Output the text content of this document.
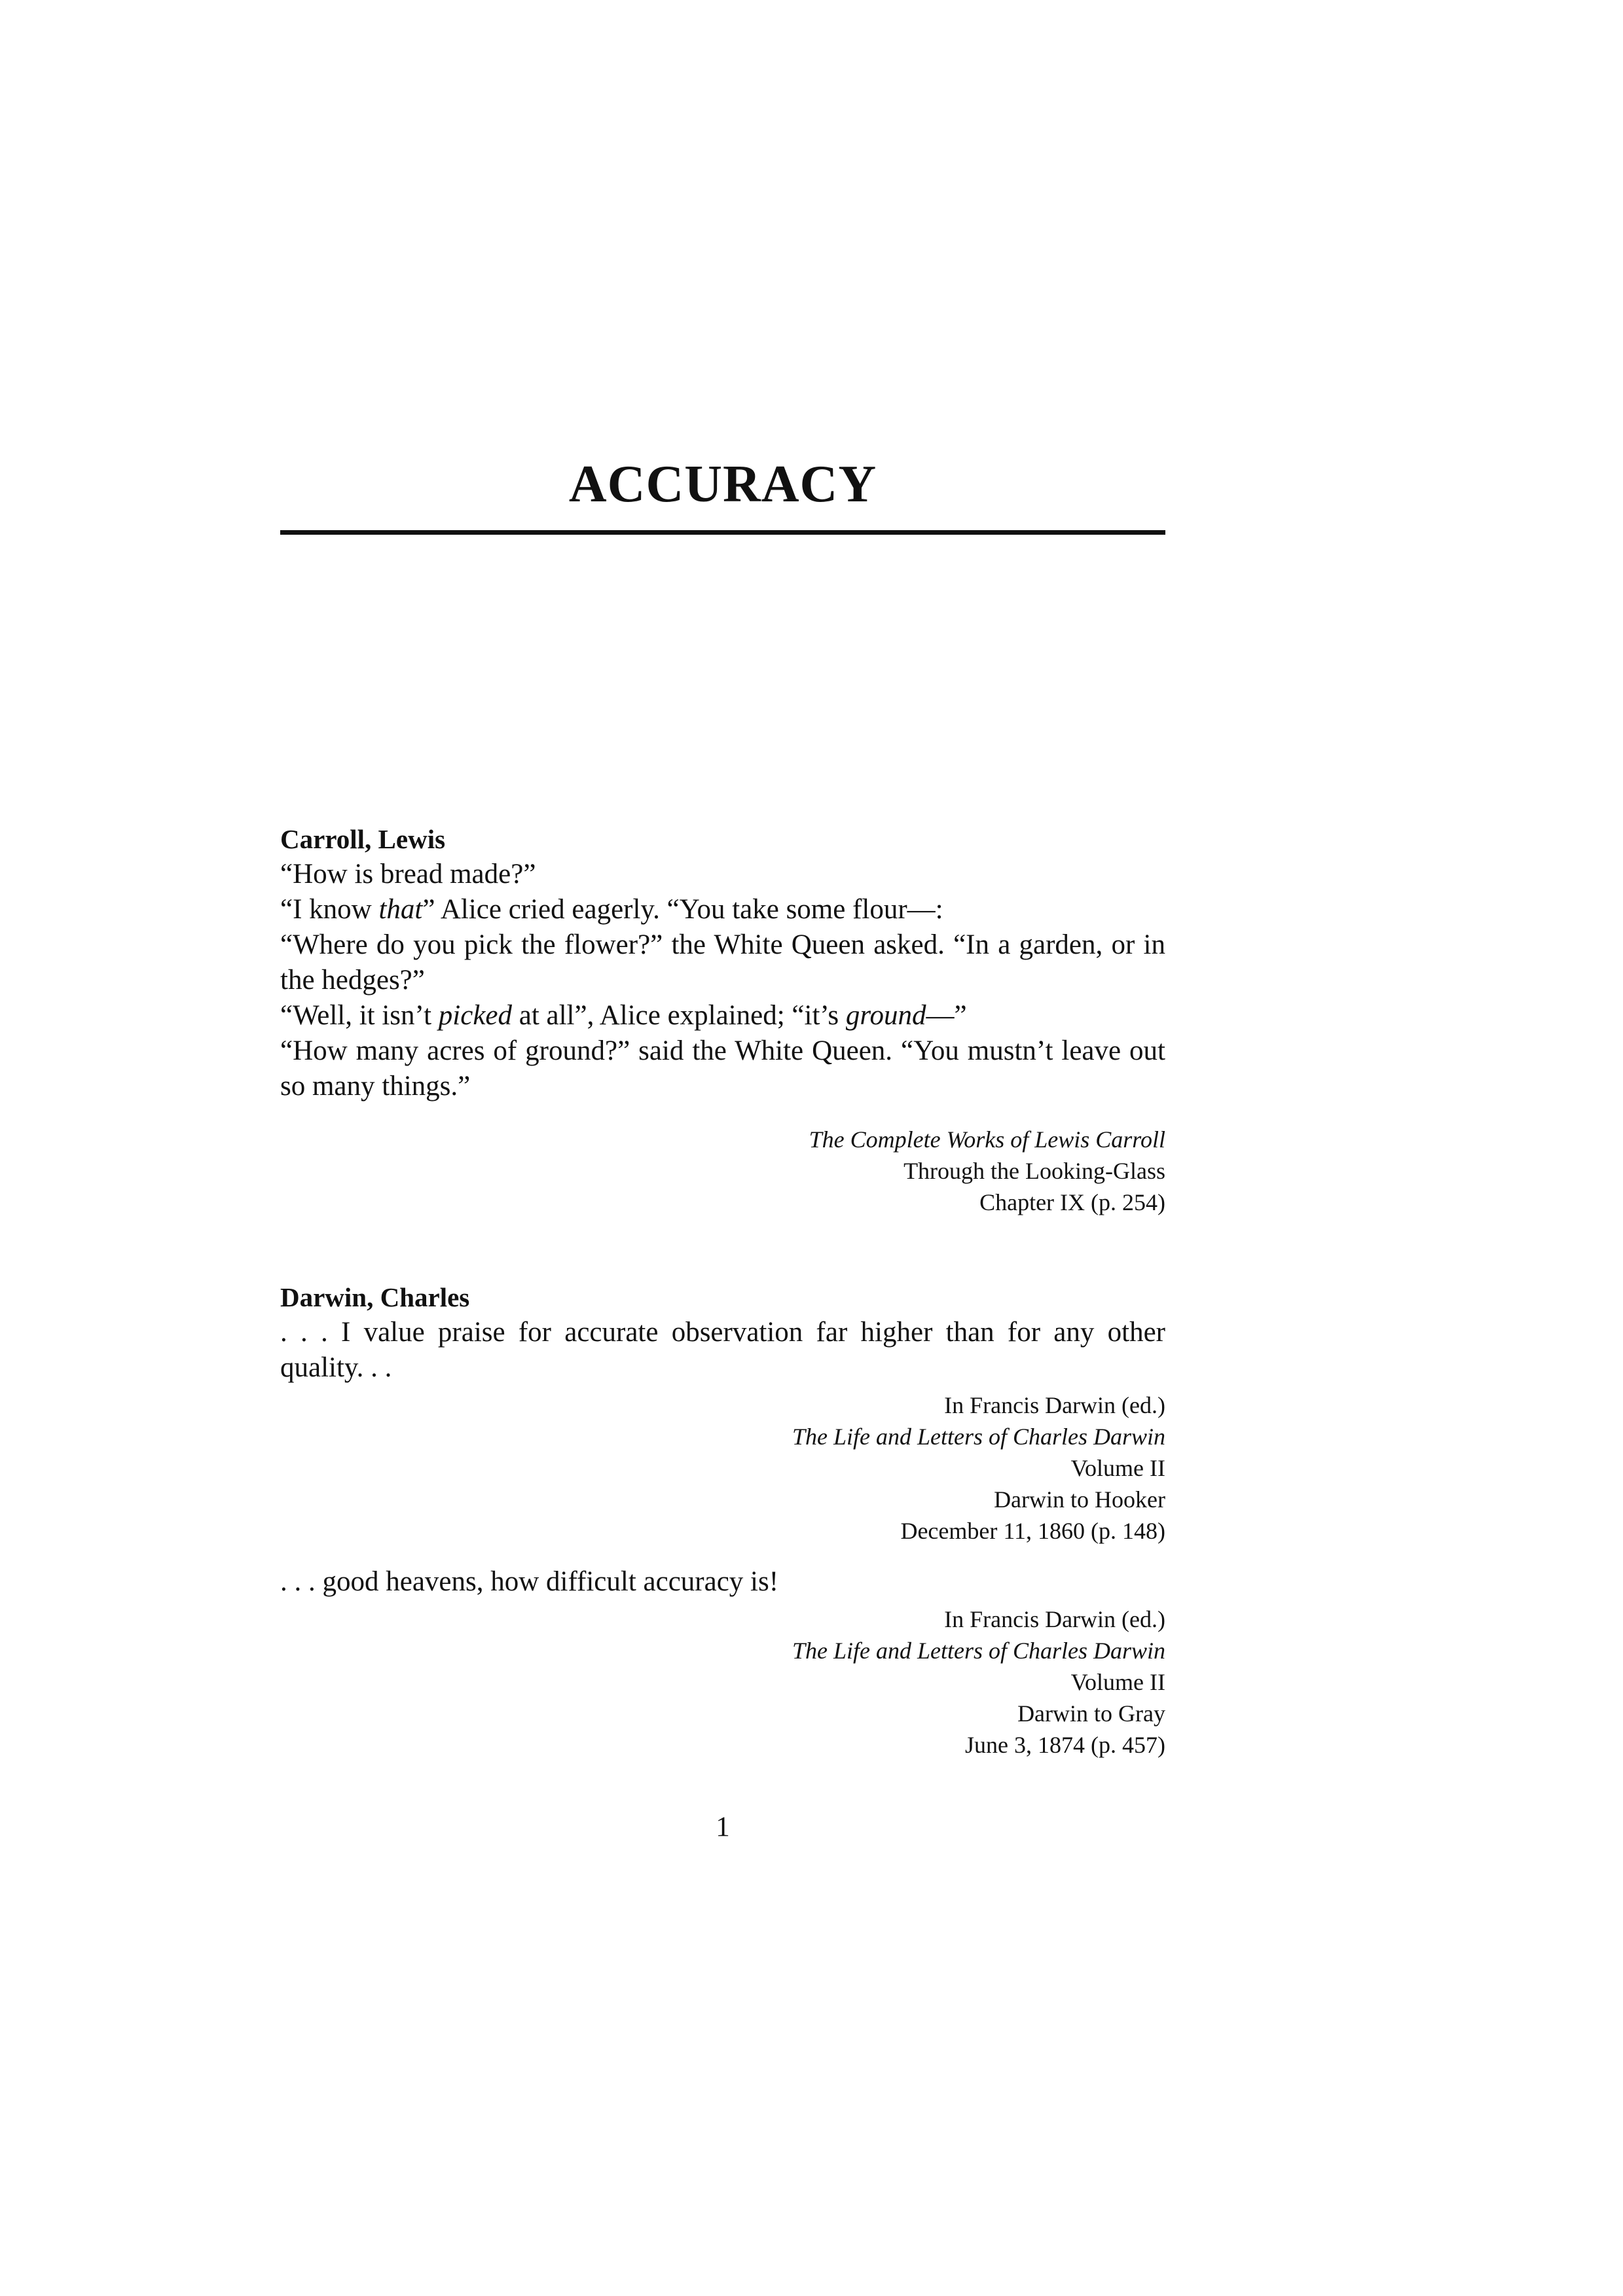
ACCURACY

Carroll, Lewis

“How is bread made?”

“I know that” Alice cried eagerly. “You take some flour—:

“Where do you pick the flower?” the White Queen asked. “In a garden, or in the hedges?”

“Well, it isn’t picked at all”, Alice explained; “it’s ground—”

“How many acres of ground?” said the White Queen. “You mustn’t leave out so many things.”

The Complete Works of Lewis Carroll
Through the Looking-Glass
Chapter IX (p. 254)

Darwin, Charles

. . . I value praise for accurate observation far higher than for any other quality. . .

In Francis Darwin (ed.)
The Life and Letters of Charles Darwin
Volume II
Darwin to Hooker
December 11, 1860 (p. 148)

. . . good heavens, how difficult accuracy is!

In Francis Darwin (ed.)
The Life and Letters of Charles Darwin
Volume II
Darwin to Gray
June 3, 1874 (p. 457)

1
